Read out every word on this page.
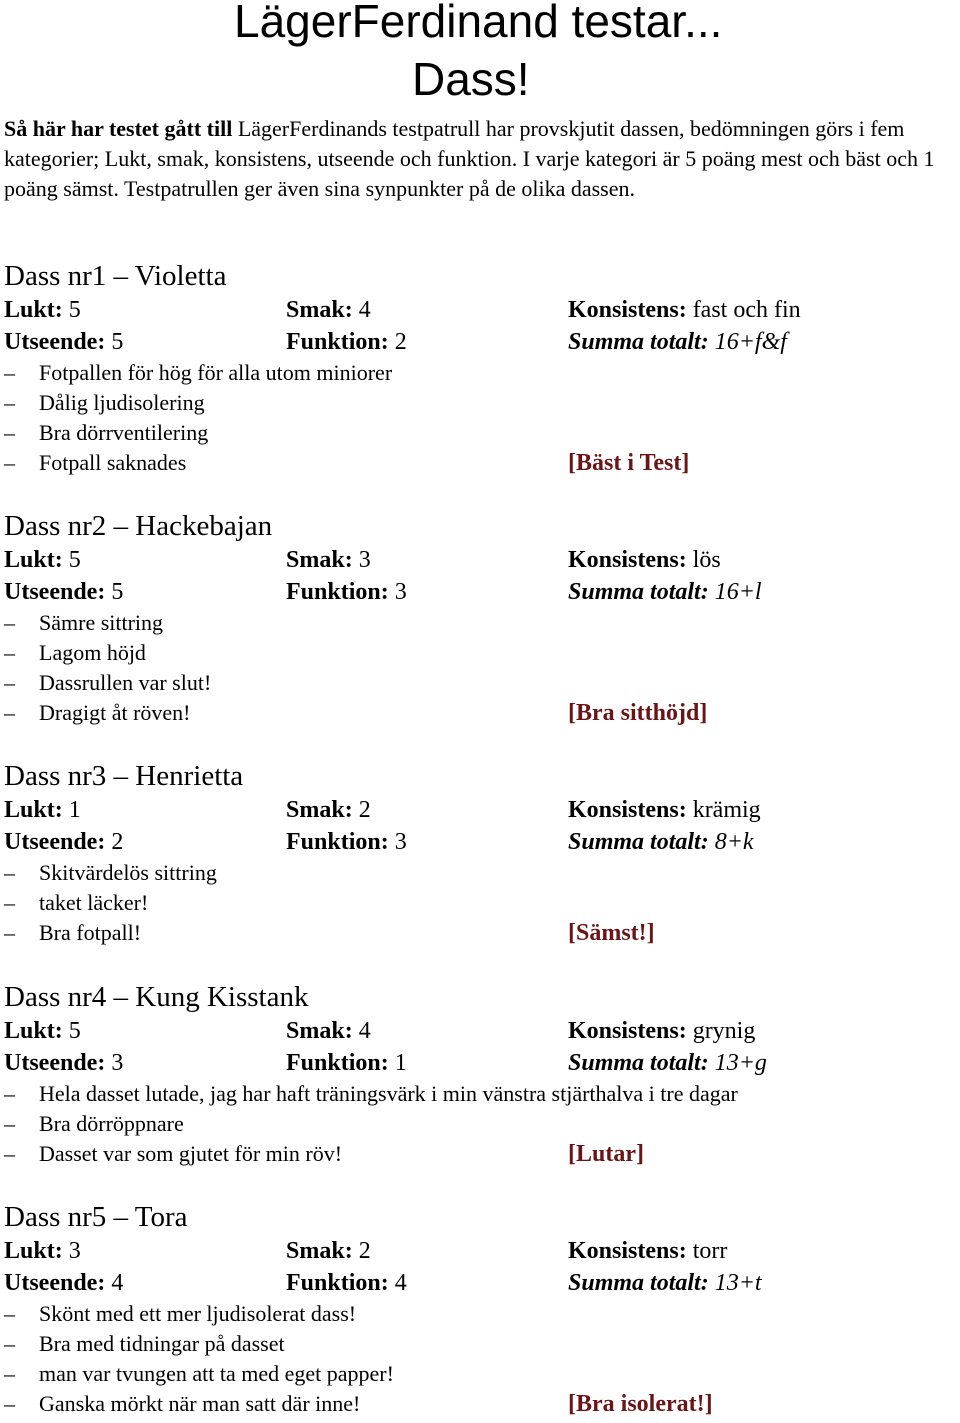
LägerFerdinand testar...
Dass!
Så här har testet gått till LägerFerdinands testpatrull har provskjutit dassen, bedömningen görs i fem kategorier; Lukt, smak, konsistens, utseende och funktion. I varje kategori är 5 poäng mest och bäst och 1 poäng sämst. Testpatrullen ger även sina synpunkter på de olika dassen.
Dass nr1 – Violetta
Lukt: 5	Smak: 4	Konsistens: fast och fin
Utseende: 5	Funktion: 2	Summa totalt: 16+f&f
– Fotpallen för hög för alla utom miniorer
– Dålig ljudisolering
– Bra dörrventilering
– Fotpall saknades	[Bäst i Test]
Dass nr2 – Hackebajan
Lukt: 5	Smak: 3	Konsistens: lös
Utseende: 5	Funktion: 3	Summa totalt: 16+l
– Sämre sittring
– Lagom höjd
– Dassrullen var slut!
– Dragigt åt röven!	[Bra sitthöjd]
Dass nr3 – Henrietta
Lukt: 1	Smak: 2	Konsistens: krämig
Utseende: 2	Funktion: 3	Summa totalt: 8+k
– Skitvärdelös sittring
– taket läcker!
– Bra fotpall!	[Sämst!]
Dass nr4 – Kung Kisstank
Lukt: 5	Smak: 4	Konsistens: grynig
Utseende: 3	Funktion: 1	Summa totalt: 13+g
– Hela dasset lutade, jag har haft träningsvärk i min vänstra stjärthalva i tre dagar
– Bra dörröppnare
– Dasset var som gjutet för min röv!	[Lutar]
Dass nr5 – Tora
Lukt: 3	Smak: 2	Konsistens: torr
Utseende: 4	Funktion: 4	Summa totalt: 13+t
– Skönt med ett mer ljudisolerat dass!
– Bra med tidningar på dasset
– man var tvungen att ta med eget papper!
– Ganska mörkt när man satt där inne!	[Bra isolerat!]
